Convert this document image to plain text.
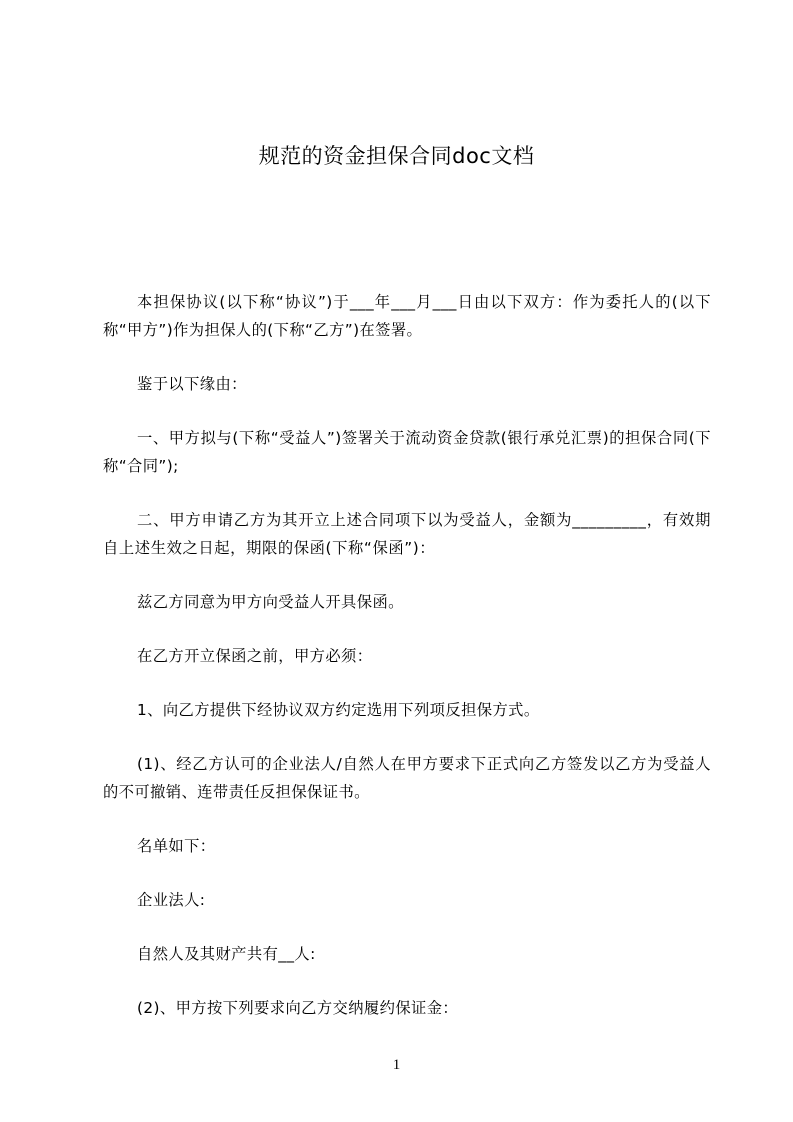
规范的资金担保合同doc文档

本担保协议(以下称“协议”)于___年___月___日由以下双方：作为委托人的(以下称“甲方”)作为担保人的(下称“乙方”)在签署。

鉴于以下缘由：

一、甲方拟与(下称“受益人”)签署关于流动资金贷款(银行承兑汇票)的担保合同(下称“合同”);

二、甲方申请乙方为其开立上述合同项下以为受益人，金额为_________，有效期自上述生效之日起，期限的保函(下称“保函”)：

兹乙方同意为甲方向受益人开具保函。

在乙方开立保函之前，甲方必须：

1、向乙方提供下经协议双方约定选用下列项反担保方式。

(1)、经乙方认可的企业法人/自然人在甲方要求下正式向乙方签发以乙方为受益人的不可撤销、连带责任反担保保证书。

名单如下：

企业法人:

自然人及其财产共有__人:

(2)、甲方按下列要求向乙方交纳履约保证金：

1
